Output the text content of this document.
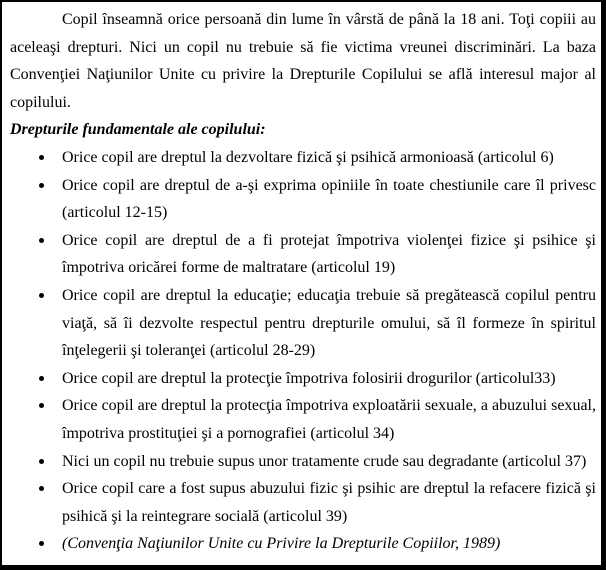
Copil înseamnă orice persoană din lume în vârstă de până la 18 ani. Toţi copiii au aceleaşi drepturi. Nici un copil nu trebuie să fie victima vreunei discriminări. La baza Convenţiei Naţiunilor Unite cu privire la Drepturile Copilului se află interesul major al copilului.

Drepturile fundamentale ale copilului:

Orice copil are dreptul la dezvoltare fizică şi psihică armonioasă (articolul 6)
Orice copil are dreptul de a-şi exprima opiniile în toate chestiunile care îl privesc (articolul 12-15)
Orice copil are dreptul de a fi protejat împotriva violenţei fizice şi psihice şi împotriva oricărei forme de maltratare (articolul 19)
Orice copil are dreptul la educaţie; educaţia trebuie să pregătească copilul pentru viaţă, să îi dezvolte respectul pentru drepturile omului, să îl formeze în spiritul înţelegerii şi toleranţei (articolul 28-29)
Orice copil are dreptul la protecţie împotriva folosirii drogurilor (articolul33)
Orice copil are dreptul la protecţia împotriva exploatării sexuale, a abuzului sexual, împotriva prostituţiei şi a pornografiei (articolul 34)
Nici un copil nu trebuie supus unor tratamente crude sau degradante (articolul 37)
Orice copil care a fost supus abuzului fizic şi psihic are dreptul la refacere fizică şi psihică şi la reintegrare socială (articolul 39)
(Convenţia Naţiunilor Unite cu Privire la Drepturile Copiilor, 1989)
